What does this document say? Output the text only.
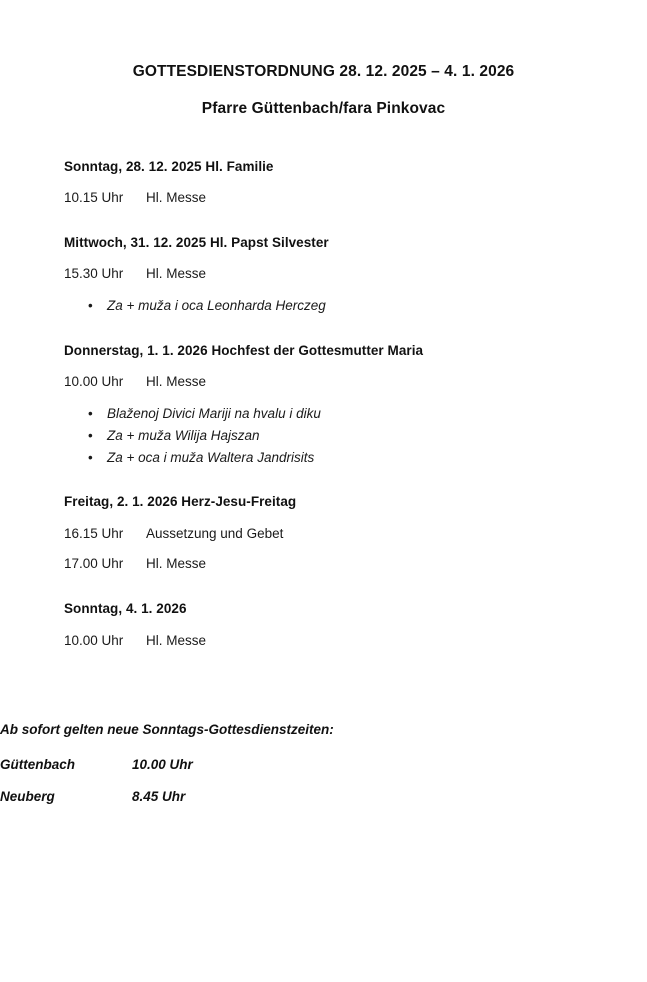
GOTTESDIENSTORDNUNG 28. 12. 2025 – 4. 1. 2026
Pfarre Güttenbach/fara Pinkovac
Sonntag, 28. 12. 2025 Hl. Familie
10.15 Uhr	Hl. Messe
Mittwoch, 31. 12. 2025 Hl. Papst Silvester
15.30 Uhr	Hl. Messe
• Za + muža i oca Leonharda Herczeg
Donnerstag, 1. 1. 2026 Hochfest der Gottesmutter Maria
10.00 Uhr	Hl. Messe
• Blaženoj Divici Mariji na hvalu i diku
• Za + muža Wilija Hajszan
• Za + oca i muža Waltera Jandrisits
Freitag, 2. 1. 2026 Herz-Jesu-Freitag
16.15 Uhr	Aussetzung und Gebet
17.00 Uhr	Hl. Messe
Sonntag, 4. 1. 2026
10.00 Uhr	Hl. Messe

Ab sofort gelten neue Sonntags-Gottesdienstzeiten:

Güttenbach	10.00 Uhr
Neuberg	8.45 Uhr
